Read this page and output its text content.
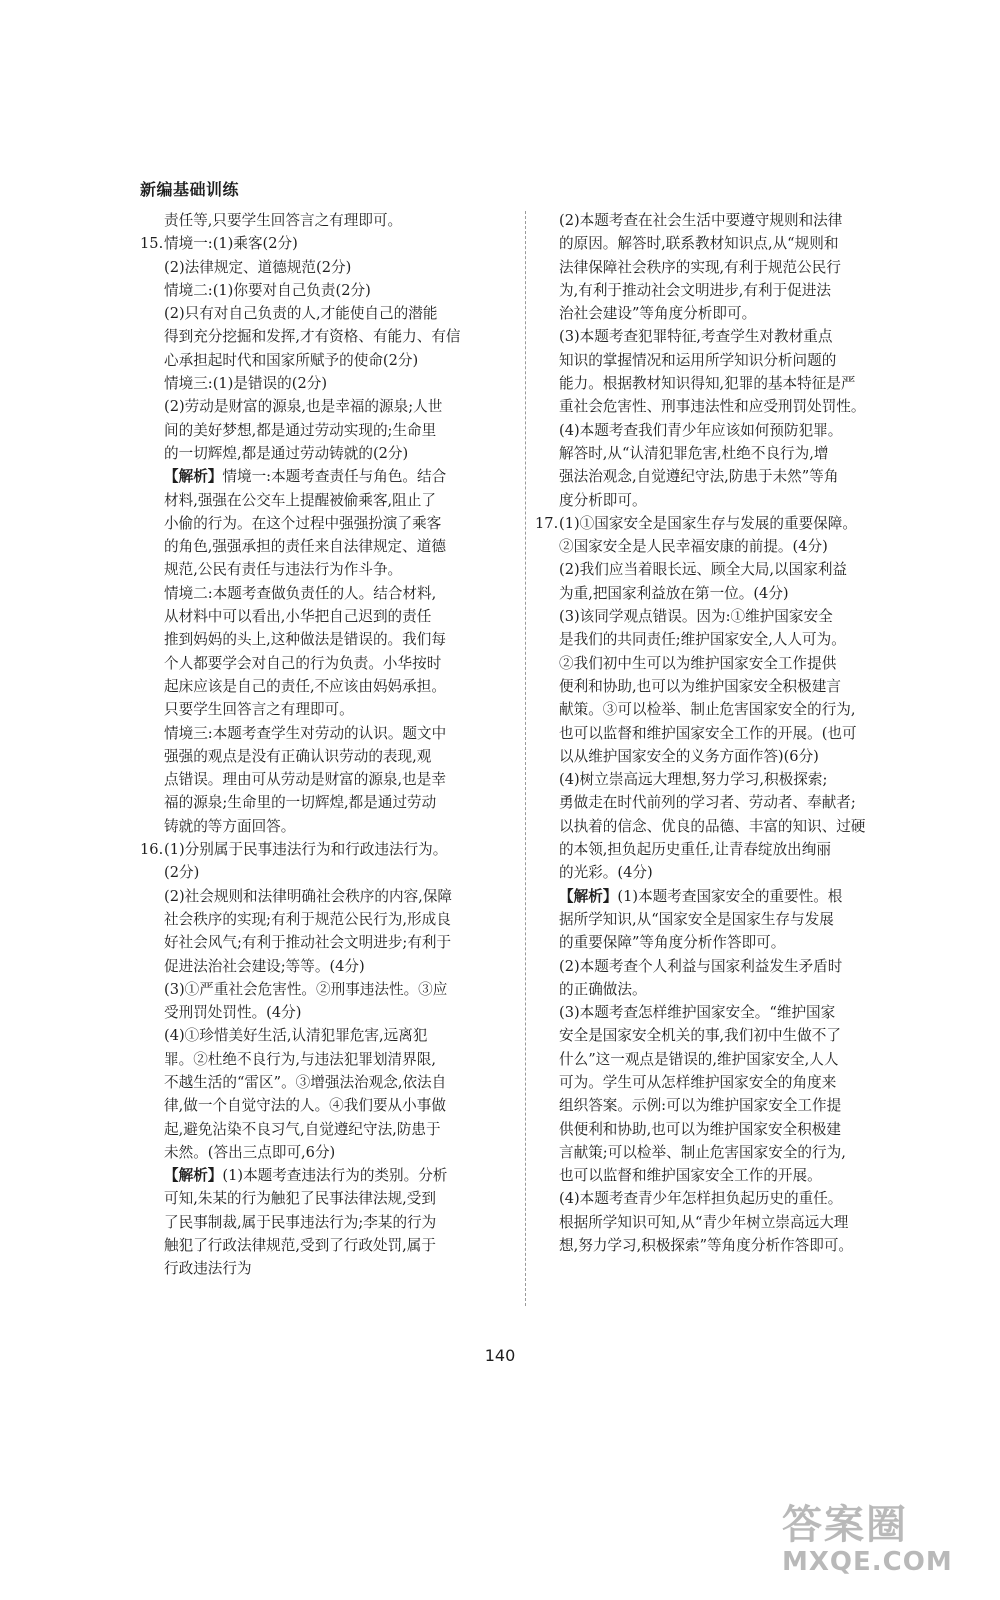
新编基础训练
责任等,只要学生回答言之有理即可。
15.情境一:(1)乘客(2分)
(2)法律规定、道德规范(2分)
情境二:(1)你要对自己负责(2分)
(2)只有对自己负责的人,才能使自己的潜能
得到充分挖掘和发挥,才有资格、有能力、有信
心承担起时代和国家所赋予的使命(2分)
情境三:(1)是错误的(2分)
(2)劳动是财富的源泉,也是幸福的源泉;人世
间的美好梦想,都是通过劳动实现的;生命里
的一切辉煌,都是通过劳动铸就的(2分)
【解析】情境一:本题考查责任与角色。结合
材料,强强在公交车上提醒被偷乘客,阻止了
小偷的行为。在这个过程中强强扮演了乘客
的角色,强强承担的责任来自法律规定、道德
规范,公民有责任与违法行为作斗争。
情境二:本题考查做负责任的人。结合材料,
从材料中可以看出,小华把自己迟到的责任
推到妈妈的头上,这种做法是错误的。我们每
个人都要学会对自己的行为负责。小华按时
起床应该是自己的责任,不应该由妈妈承担。
只要学生回答言之有理即可。
情境三:本题考查学生对劳动的认识。题文中
强强的观点是没有正确认识劳动的表现,观
点错误。理由可从劳动是财富的源泉,也是幸
福的源泉;生命里的一切辉煌,都是通过劳动
铸就的等方面回答。
16.(1)分别属于民事违法行为和行政违法行为。
(2分)
(2)社会规则和法律明确社会秩序的内容,保障
社会秩序的实现;有利于规范公民行为,形成良
好社会风气;有利于推动社会文明进步;有利于
促进法治社会建设;等等。(4分)
(3)①严重社会危害性。②刑事违法性。③应
受刑罚处罚性。(4分)
(4)①珍惜美好生活,认清犯罪危害,远离犯
罪。②杜绝不良行为,与违法犯罪划清界限,
不越生活的“雷区”。③增强法治观念,依法自
律,做一个自觉守法的人。④我们要从小事做
起,避免沾染不良习气,自觉遵纪守法,防患于
未然。(答出三点即可,6分)
【解析】(1)本题考查违法行为的类别。分析
可知,朱某的行为触犯了民事法律法规,受到
了民事制裁,属于民事违法行为;李某的行为
触犯了行政法律规范,受到了行政处罚,属于
行政违法行为
(2)本题考查在社会生活中要遵守规则和法律
的原因。解答时,联系教材知识点,从“规则和
法律保障社会秩序的实现,有利于规范公民行
为,有利于推动社会文明进步,有利于促进法
治社会建设”等角度分析即可。
(3)本题考查犯罪特征,考查学生对教材重点
知识的掌握情况和运用所学知识分析问题的
能力。根据教材知识得知,犯罪的基本特征是严
重社会危害性、刑事违法性和应受刑罚处罚性。
(4)本题考查我们青少年应该如何预防犯罪。
解答时,从“认清犯罪危害,杜绝不良行为,增
强法治观念,自觉遵纪守法,防患于未然”等角
度分析即可。
17.(1)①国家安全是国家生存与发展的重要保障。
②国家安全是人民幸福安康的前提。(4分)
(2)我们应当着眼长远、顾全大局,以国家利益
为重,把国家利益放在第一位。(4分)
(3)该同学观点错误。因为:①维护国家安全
是我们的共同责任;维护国家安全,人人可为。
②我们初中生可以为维护国家安全工作提供
便利和协助,也可以为维护国家安全积极建言
献策。③可以检举、制止危害国家安全的行为,
也可以监督和维护国家安全工作的开展。(也可
以从维护国家安全的义务方面作答)(6分)
(4)树立崇高远大理想,努力学习,积极探索;
勇做走在时代前列的学习者、劳动者、奉献者;
以执着的信念、优良的品德、丰富的知识、过硬
的本领,担负起历史重任,让青春绽放出绚丽
的光彩。(4分)
【解析】(1)本题考查国家安全的重要性。根
据所学知识,从“国家安全是国家生存与发展
的重要保障”等角度分析作答即可。
(2)本题考查个人利益与国家利益发生矛盾时
的正确做法。
(3)本题考查怎样维护国家安全。“维护国家
安全是国家安全机关的事,我们初中生做不了
什么”这一观点是错误的,维护国家安全,人人
可为。学生可从怎样维护国家安全的角度来
组织答案。示例:可以为维护国家安全工作提
供便利和协助,也可以为维护国家安全积极建
言献策;可以检举、制止危害国家安全的行为,
也可以监督和维护国家安全工作的开展。
(4)本题考查青少年怎样担负起历史的重任。
根据所学知识可知,从“青少年树立崇高远大理
想,努力学习,积极探索”等角度分析作答即可。
140
答案圈
MXQE.COM
